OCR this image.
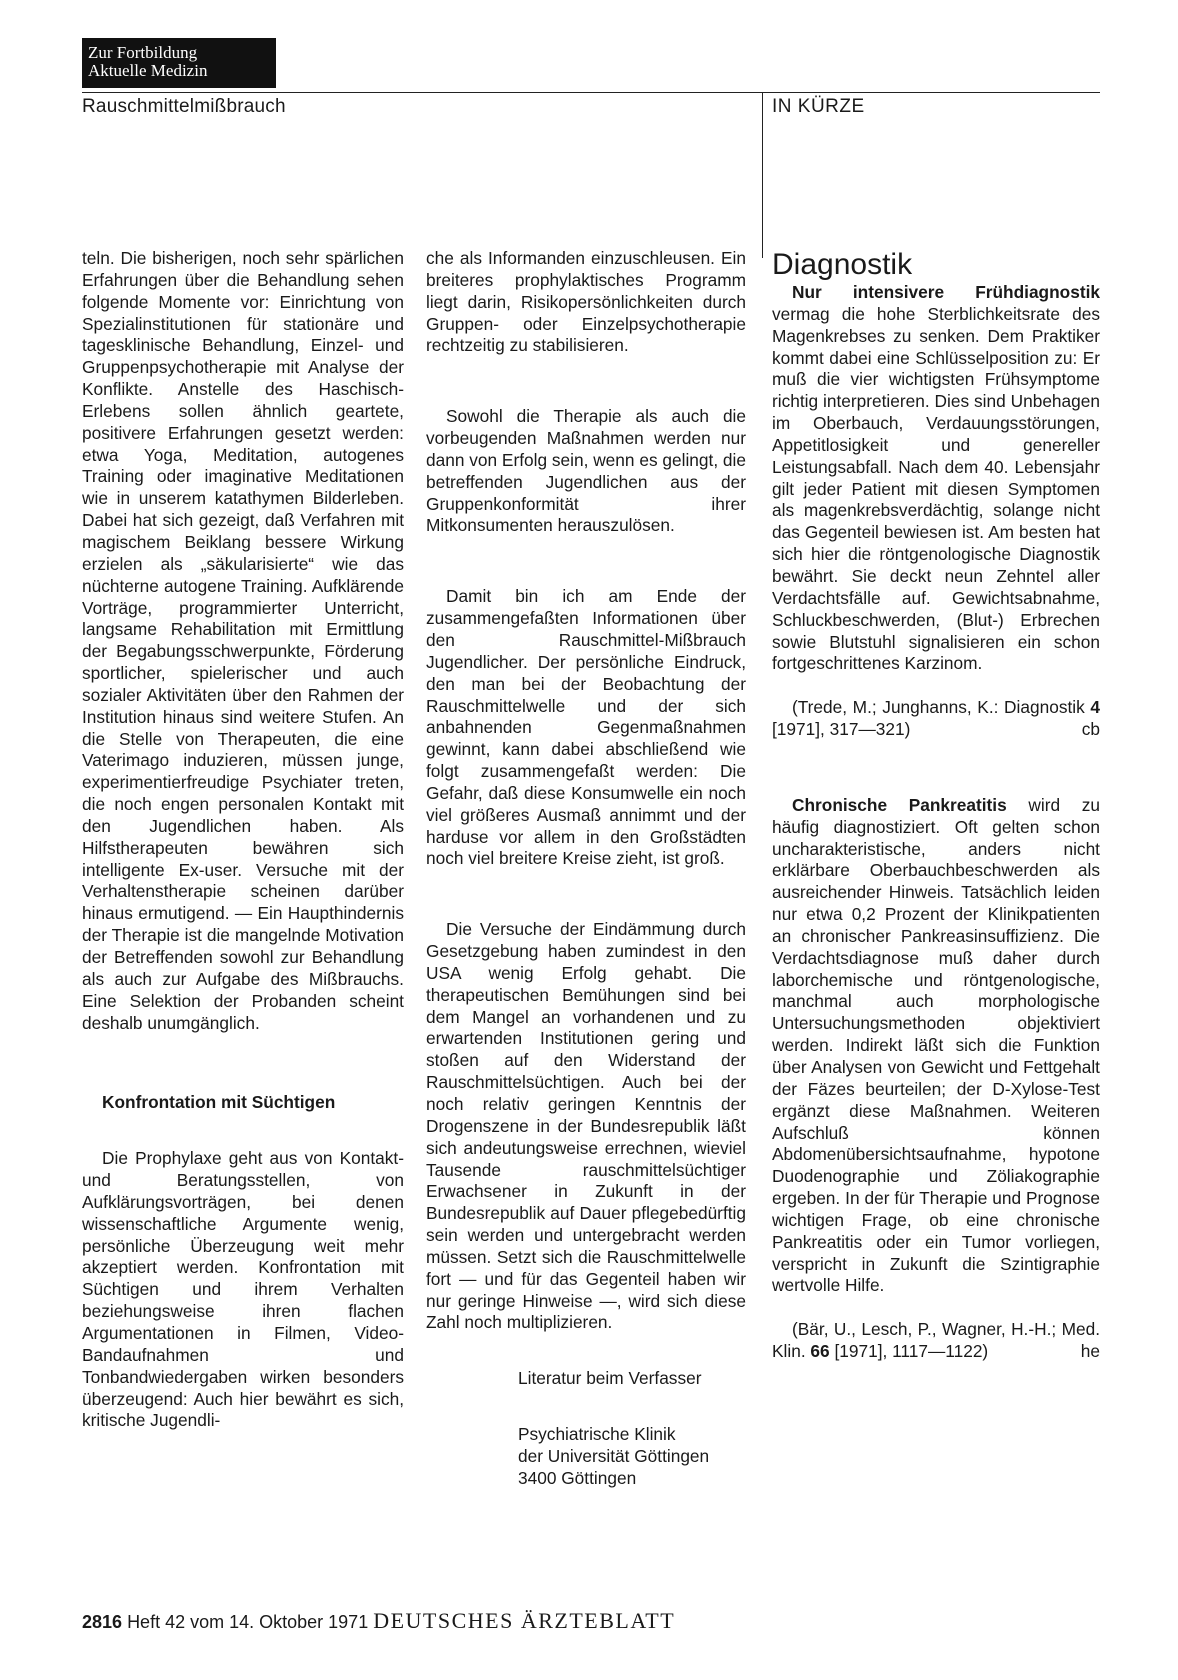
Zur Fortbildung
Aktuelle Medizin
Rauschmittelmißbrauch	IN KÜRZE

teln. Die bisherigen, noch sehr spärlichen Erfahrungen über die Behandlung sehen folgende Momente vor: Einrichtung von Spezialinstitutionen für stationäre und tagesklinische Behandlung, Einzel- und Gruppenpsychotherapie mit Analyse der Konflikte. Anstelle des Haschisch-Erlebens sollen ähnlich geartete, positivere Erfahrungen gesetzt werden: etwa Yoga, Meditation, autogenes Training oder imaginative Meditationen wie in unserem katathymen Bilderleben. Dabei hat sich gezeigt, daß Verfahren mit magischem Beiklang bessere Wirkung erzielen als „säkularisierte“ wie das nüchterne autogene Training. Aufklärende Vorträge, programmierter Unterricht, langsame Rehabilitation mit Ermittlung der Begabungsschwerpunkte, Förderung sportlicher, spielerischer und auch sozialer Aktivitäten über den Rahmen der Institution hinaus sind weitere Stufen. An die Stelle von Therapeuten, die eine Vaterimago induzieren, müssen junge, experimentierfreudige Psychiater treten, die noch engen personalen Kontakt mit den Jugendlichen haben. Als Hilfstherapeuten bewähren sich intelligente Ex-user. Versuche mit der Verhaltenstherapie scheinen darüber hinaus ermutigend. — Ein Haupthindernis der Therapie ist die mangelnde Motivation der Betreffenden sowohl zur Behandlung als auch zur Aufgabe des Mißbrauchs. Eine Selektion der Probanden scheint deshalb unumgänglich.

Konfrontation mit Süchtigen

Die Prophylaxe geht aus von Kontakt- und Beratungsstellen, von Aufklärungsvorträgen, bei denen wissenschaftliche Argumente wenig, persönliche Überzeugung weit mehr akzeptiert werden. Konfrontation mit Süchtigen und ihrem Verhalten beziehungsweise ihren flachen Argumentationen in Filmen, Video-Bandaufnahmen und Tonbandwiedergaben wirken besonders überzeugend: Auch hier bewährt es sich, kritische Jugendli-

che als Informanden einzuschleusen. Ein breiteres prophylaktisches Programm liegt darin, Risikopersönlichkeiten durch Gruppen- oder Einzelpsychotherapie rechtzeitig zu stabilisieren.

Sowohl die Therapie als auch die vorbeugenden Maßnahmen werden nur dann von Erfolg sein, wenn es gelingt, die betreffenden Jugendlichen aus der Gruppenkonformität ihrer Mitkonsumenten herauszulösen.

Damit bin ich am Ende der zusammengefaßten Informationen über den Rauschmittel-Mißbrauch Jugendlicher. Der persönliche Eindruck, den man bei der Beobachtung der Rauschmittelwelle und der sich anbahnenden Gegenmaßnahmen gewinnt, kann dabei abschließend wie folgt zusammengefaßt werden: Die Gefahr, daß diese Konsumwelle ein noch viel größeres Ausmaß annimmt und der harduse vor allem in den Großstädten noch viel breitere Kreise zieht, ist groß.

Die Versuche der Eindämmung durch Gesetzgebung haben zumindest in den USA wenig Erfolg gehabt. Die therapeutischen Bemühungen sind bei dem Mangel an vorhandenen und zu erwartenden Institutionen gering und stoßen auf den Widerstand der Rauschmittelsüchtigen. Auch bei der noch relativ geringen Kenntnis der Drogenszene in der Bundesrepublik läßt sich andeutungsweise errechnen, wieviel Tausende rauschmittelsüchtiger Erwachsener in Zukunft in der Bundesrepublik auf Dauer pflegebedürftig sein werden und untergebracht werden müssen. Setzt sich die Rauschmittelwelle fort — und für das Gegenteil haben wir nur geringe Hinweise —, wird sich diese Zahl noch multiplizieren.

Literatur beim Verfasser

Psychiatrische Klinik

der Universität Göttingen

3400 Göttingen

Diagnostik

Nur intensivere Frühdiagnostik vermag die hohe Sterblichkeitsrate des Magenkrebses zu senken. Dem Praktiker kommt dabei eine Schlüsselposition zu: Er muß die vier wichtigsten Frühsymptome richtig interpretieren. Dies sind Unbehagen im Oberbauch, Verdauungsstörungen, Appetitlosigkeit und genereller Leistungsabfall. Nach dem 40. Lebensjahr gilt jeder Patient mit diesen Symptomen als magenkrebsverdächtig, solange nicht das Gegenteil bewiesen ist. Am besten hat sich hier die röntgenologische Diagnostik bewährt. Sie deckt neun Zehntel aller Verdachtsfälle auf. Gewichtsabnahme, Schluckbeschwerden, (Blut-) Erbrechen sowie Blutstuhl signalisieren ein schon fortgeschrittenes Karzinom.

(Trede, M.; Junghanns, K.: Diagnostik 4 [1971], 317—321)	cb

Chronische Pankreatitis wird zu häufig diagnostiziert. Oft gelten schon uncharakteristische, anders nicht erklärbare Oberbauchbeschwerden als ausreichender Hinweis. Tatsächlich leiden nur etwa 0,2 Prozent der Klinikpatienten an chronischer Pankreasinsuffizienz. Die Verdachtsdiagnose muß daher durch laborchemische und röntgenologische, manchmal auch morphologische Untersuchungsmethoden objektiviert werden. Indirekt läßt sich die Funktion über Analysen von Gewicht und Fettgehalt der Fäzes beurteilen; der D-Xylose-Test ergänzt diese Maßnahmen. Weiteren Aufschluß können Abdomenübersichtsaufnahme, hypotone Duodenographie und Zöliakographie ergeben. In der für Therapie und Prognose wichtigen Frage, ob eine chronische Pankreatitis oder ein Tumor vorliegen, verspricht in Zukunft die Szintigraphie wertvolle Hilfe.

(Bär, U., Lesch, P., Wagner, H.-H.; Med. Klin. 66 [1971], 1117—1122)	he

2816 Heft 42 vom 14. Oktober 1971 DEUTSCHES ÄRZTEBLATT
